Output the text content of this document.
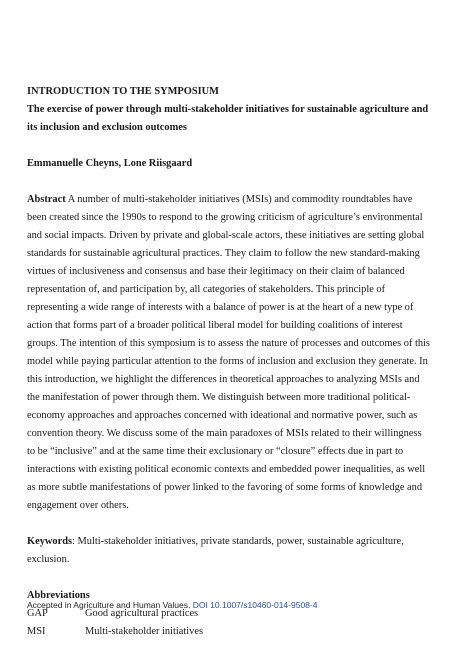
INTRODUCTION TO THE SYMPOSIUM
The exercise of power through multi-stakeholder initiatives for sustainable agriculture and
its inclusion and exclusion outcomes
Emmanuelle Cheyns, Lone Riisgaard
Abstract A number of multi-stakeholder initiatives (MSIs) and commodity roundtables have
been created since the 1990s to respond to the growing criticism of agriculture’s environmental
and social impacts. Driven by private and global-scale actors, these initiatives are setting global
standards for sustainable agricultural practices. They claim to follow the new standard-making
virtues of inclusiveness and consensus and base their legitimacy on their claim of balanced
representation of, and participation by, all categories of stakeholders. This principle of
representing a wide range of interests with a balance of power is at the heart of a new type of
action that forms part of a broader political liberal model for building coalitions of interest
groups. The intention of this symposium is to assess the nature of processes and outcomes of this
model while paying particular attention to the forms of inclusion and exclusion they generate. In
this introduction, we highlight the differences in theoretical approaches to analyzing MSIs and
the manifestation of power through them. We distinguish between more traditional political-
economy approaches and approaches concerned with ideational and normative power, such as
convention theory. We discuss some of the main paradoxes of MSIs related to their willingness
to be “inclusive” and at the same time their exclusionary or “closure” effects due in part to
interactions with existing political economic contexts and embedded power inequalities, as well
as more subtle manifestations of power linked to the favoring of some forms of knowledge and
engagement over others.
Keywords: Multi-stakeholder initiatives, private standards, power, sustainable agriculture,
exclusion.
Abbreviations
GAP	Good agricultural practices
MSI	Multi-stakeholder initiatives
Accepted in Agriculture and Human Values. DOI 10.1007/s10460-014-9508-4
